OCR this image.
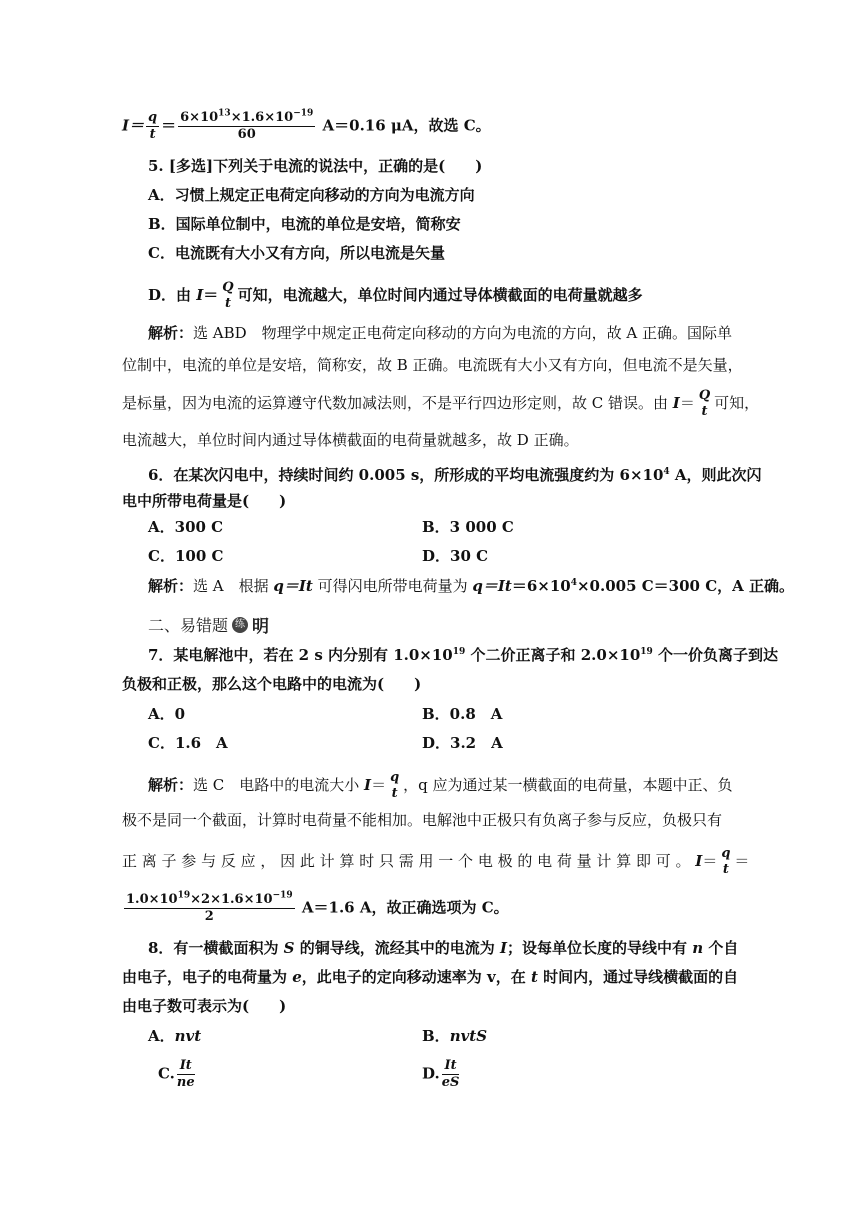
$I= \frac{q}{t} = \frac{6\times 10^{13}\times 1.6\times 10^{-19}}{60} A=0.16$ μA，故选 C。
5. [多选]下列关于电流的说法中，正确的是(　　)
A．习惯上规定正电荷定向移动的方向为电流方向
B．国际单位制中，电流的单位是安培，简称安
C．电流既有大小又有方向，所以电流是矢量
D．由 I＝ Q
t 可知，电流越大，单位时间内通过导体横截面的电荷量就越多
解析：选 ABD　物理学中规定正电荷定向移动的方向为电流的方向，故 A 正确。国际单
位制中，电流的单位是安培，简称安，故 B 正确。电流既有大小又有方向，但电流不是矢量，
是标量，因为电流的运算遵守代数加减法则，不是平行四边形定则，故 C 错误。由 I＝ Q
t 可知，
电流越大，单位时间内通过导体横截面的电荷量就越多，故 D 正确。
6．在某次闪电中，持续时间约 0.005 s，所形成的平均电流强度约为 $6\times 10^4$ A，则此次闪
电中所带电荷量是(　　)
A．300 C	B．3 000 C
C．100 C	D．30 C
解析：选 A　根据 q＝It 可得闪电所带电荷量为 $q=It=6\times 10^4\times 0.005$ C＝300 C，A 正确。
二、易错题 练 明
7．某电解池中，若在 2 s 内分别有 $1.0\times 10^{19}$ 个二价正离子和 $2.0\times 10^{19}$ 个一价负离子到达
负极和正极，那么这个电路中的电流为(　　)
A．0	B．0.8　A
C．1.6　A	D．3.2　A
解析：选 C　电路中的电流大小 I＝ q
t ，q 应为通过某一横截面的电荷量，本题中正、负
极不是同一个截面，计算时电荷量不能相加。电解池中正极只有负离子参与反应，负极只有
正 离 子 参 与 反 应 ， 因 此 计 算 时 只 需 用 一 个 电 极 的 电 荷 量 计 算 即 可 。 I＝ q
t ＝
$\frac{1.0\times 10^{19}\times 2\times 1.6\times 10^{-19}}{2} A=1.6$ A，故正确选项为 C。
8．有一横截面积为 S 的铜导线，流经其中的电流为 I；设每单位长度的导线中有 n 个自
由电子，电子的电荷量为 e，此电子的定向移动速率为 v，在 t 时间内，通过导线横截面的自
由电子数可表示为(　　)
A．nvt	B．nvtS
C. $\frac{It}{ne}$	D. $\frac{It}{eS}$
